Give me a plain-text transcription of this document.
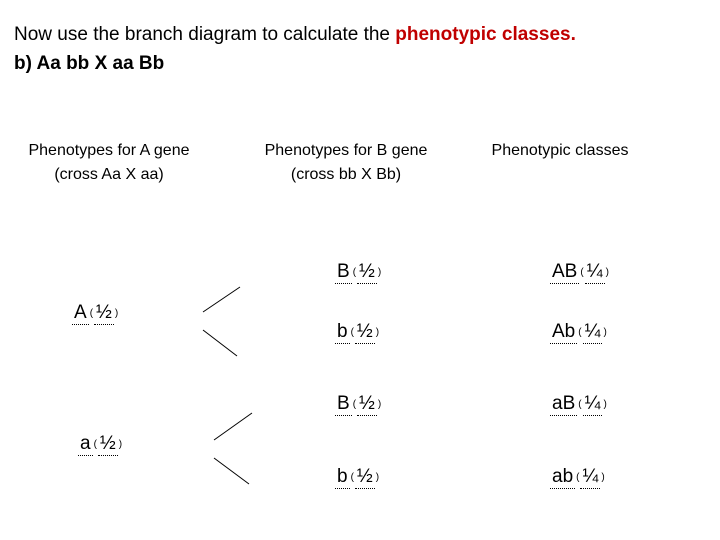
Now use the branch diagram to calculate the phenotypic classes.
b) Aa bb X aa Bb
Phenotypes for A gene
(cross Aa X aa)
Phenotypes for B gene
(cross bb X Bb)
Phenotypic classes
A ( ½ )
a ( ½ )
B ( ½ )
b ( ½ )
B ( ½ )
b ( ½ )
AB ( ¼ )
Ab ( ¼ )
aB ( ¼ )
ab ( ¼ )
